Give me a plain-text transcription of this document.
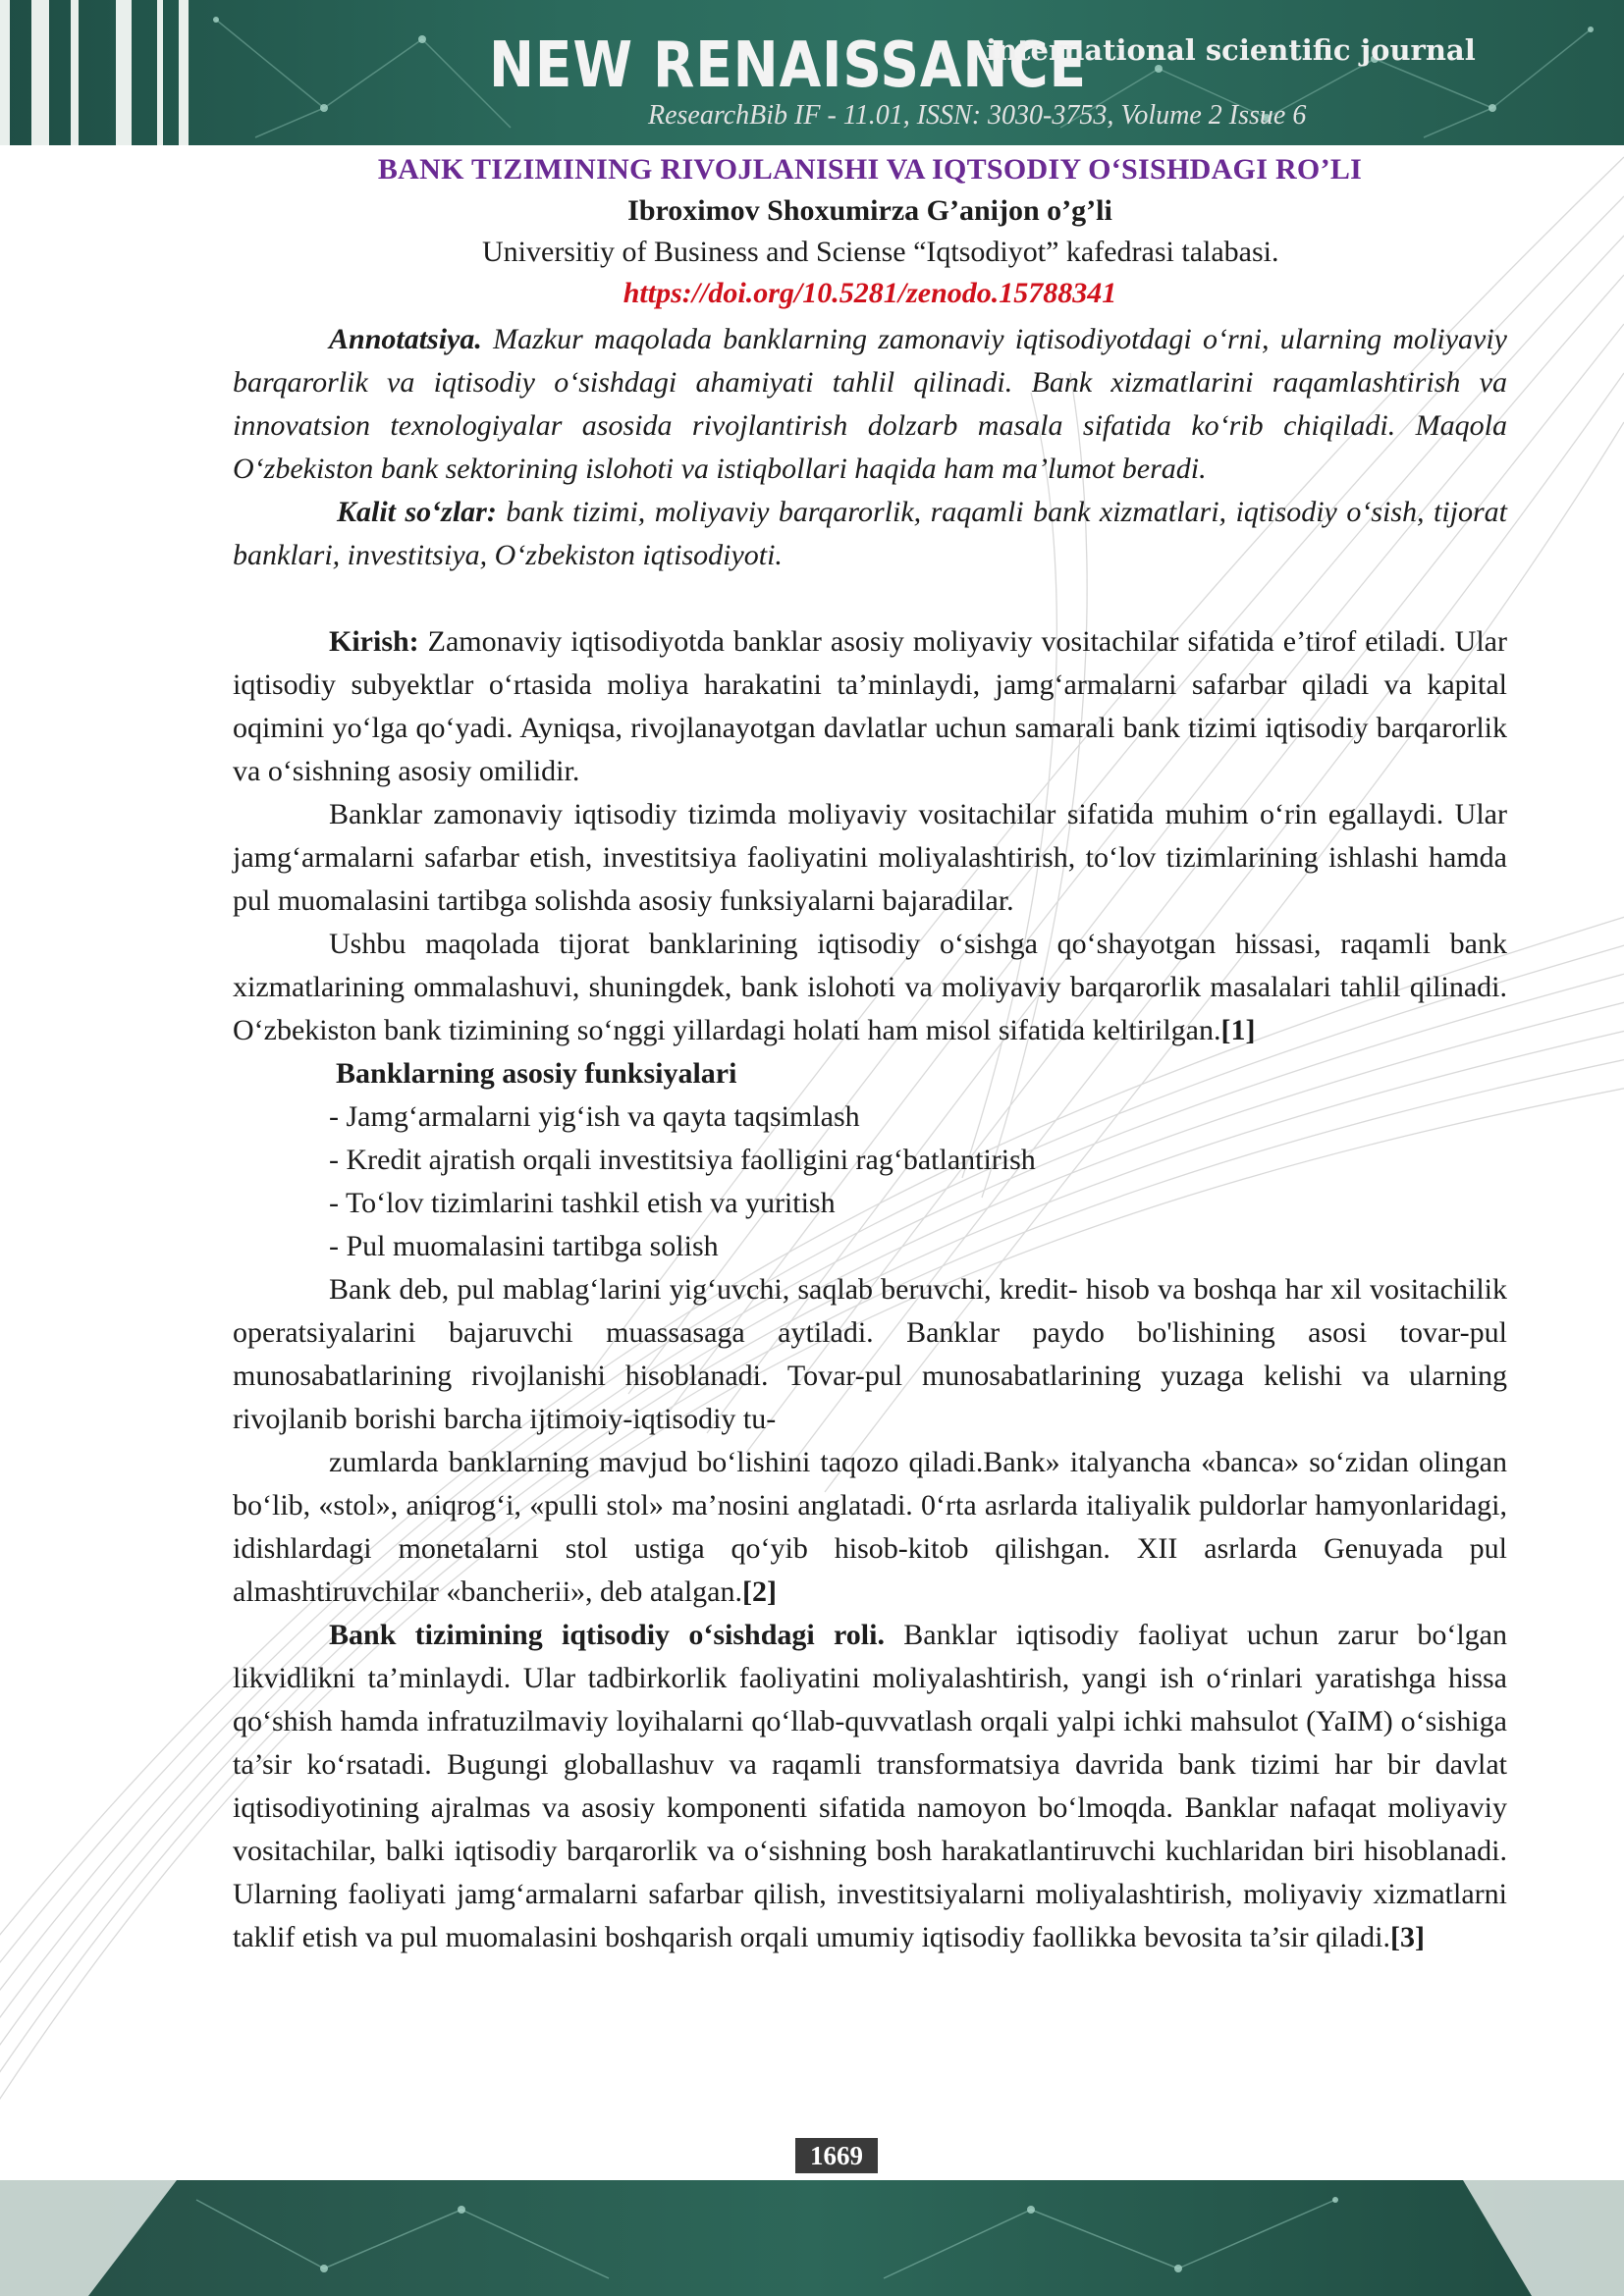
NEW RENAISSANCE
international scientific journal
ResearchBib IF - 11.01, ISSN: 3030-3753, Volume 2 Issue 6
BANK TIZIMINING RIVOJLANISHI VA IQTSODIY O‘SISHDAGI RO’LI
Ibroximov Shoxumirza G’anijon o’g’li
Universitiy of Business and Sciense “Iqtsodiyot” kafedrasi talabasi.
https://doi.org/10.5281/zenodo.15788341

Annotatsiya. Mazkur maqolada banklarning zamonaviy iqtisodiyotdagi o‘rni, ularning moliyaviy barqarorlik va iqtisodiy o‘sishdagi ahamiyati tahlil qilinadi. Bank xizmatlarini raqamlashtirish va innovatsion texnologiyalar asosida rivojlantirish dolzarb masala sifatida ko‘rib chiqiladi. Maqola O‘zbekiston bank sektorining islohoti va istiqbollari haqida ham ma’lumot beradi.

Kalit so‘zlar: bank tizimi, moliyaviy barqarorlik, raqamli bank xizmatlari, iqtisodiy o‘sish, tijorat banklari, investitsiya, O‘zbekiston iqtisodiyoti.

Kirish: Zamonaviy iqtisodiyotda banklar asosiy moliyaviy vositachilar sifatida e’tirof etiladi. Ular iqtisodiy subyektlar o‘rtasida moliya harakatini ta’minlaydi, jamg‘armalarni safarbar qiladi va kapital oqimini yo‘lga qo‘yadi. Ayniqsa, rivojlanayotgan davlatlar uchun samarali bank tizimi iqtisodiy barqarorlik va o‘sishning asosiy omilidir.

Banklar zamonaviy iqtisodiy tizimda moliyaviy vositachilar sifatida muhim o‘rin egallaydi. Ular jamg‘armalarni safarbar etish, investitsiya faoliyatini moliyalashtirish, to‘lov tizimlarining ishlashi hamda pul muomalasini tartibga solishda asosiy funksiyalarni bajaradilar.

Ushbu maqolada tijorat banklarining iqtisodiy o‘sishga qo‘shayotgan hissasi, raqamli bank xizmatlarining ommalashuvi, shuningdek, bank islohoti va moliyaviy barqarorlik masalalari tahlil qilinadi. O‘zbekiston bank tizimining so‘nggi yillardagi holati ham misol sifatida keltirilgan.[1]

Banklarning asosiy funksiyalari

- Jamg‘armalarni yig‘ish va qayta taqsimlash

- Kredit ajratish orqali investitsiya faolligini rag‘batlantirish

- To‘lov tizimlarini tashkil etish va yuritish

- Pul muomalasini tartibga solish

Bank deb, pul mablag‘larini yig‘uvchi, saqlab beruvchi, kredit- hisob va boshqa har xil vositachilik operatsiyalarini bajaruvchi muassasaga aytiladi. Banklar paydo bo'lishining asosi tovar-pul munosabatlarining rivojlanishi hisoblanadi. Tovar-pul munosabatlarining yuzaga kelishi va ularning rivojlanib borishi barcha ijtimoiy-iqtisodiy tu-

zumlarda banklarning mavjud bo‘lishini taqozo qiladi.Bank» italyancha «banca» so‘zidan olingan bo‘lib, «stol», aniqrog‘i, «pulli stol» ma’nosini anglatadi. 0‘rta asrlarda italiyalik puldorlar hamyonlaridagi, idishlardagi monetalarni stol ustiga qo‘yib hisob-kitob qilishgan. XII asrlarda Genuyada pul almashtiruvchilar «bancherii», deb atalgan.[2]

Bank tizimining iqtisodiy o‘sishdagi roli. Banklar iqtisodiy faoliyat uchun zarur bo‘lgan likvidlikni ta’minlaydi. Ular tadbirkorlik faoliyatini moliyalashtirish, yangi ish o‘rinlari yaratishga hissa qo‘shish hamda infratuzilmaviy loyihalarni qo‘llab-quvvatlash orqali yalpi ichki mahsulot (YaIM) o‘sishiga ta’sir ko‘rsatadi. Bugungi globallashuv va raqamli transformatsiya davrida bank tizimi har bir davlat iqtisodiyotining ajralmas va asosiy komponenti sifatida namoyon bo‘lmoqda. Banklar nafaqat moliyaviy vositachilar, balki iqtisodiy barqarorlik va o‘sishning bosh harakatlantiruvchi kuchlaridan biri hisoblanadi. Ularning faoliyati jamg‘armalarni safarbar qilish, investitsiyalarni moliyalashtirish, moliyaviy xizmatlarni taklif etish va pul muomalasini boshqarish orqali umumiy iqtisodiy faollikka bevosita ta’sir qiladi.[3]

1669
